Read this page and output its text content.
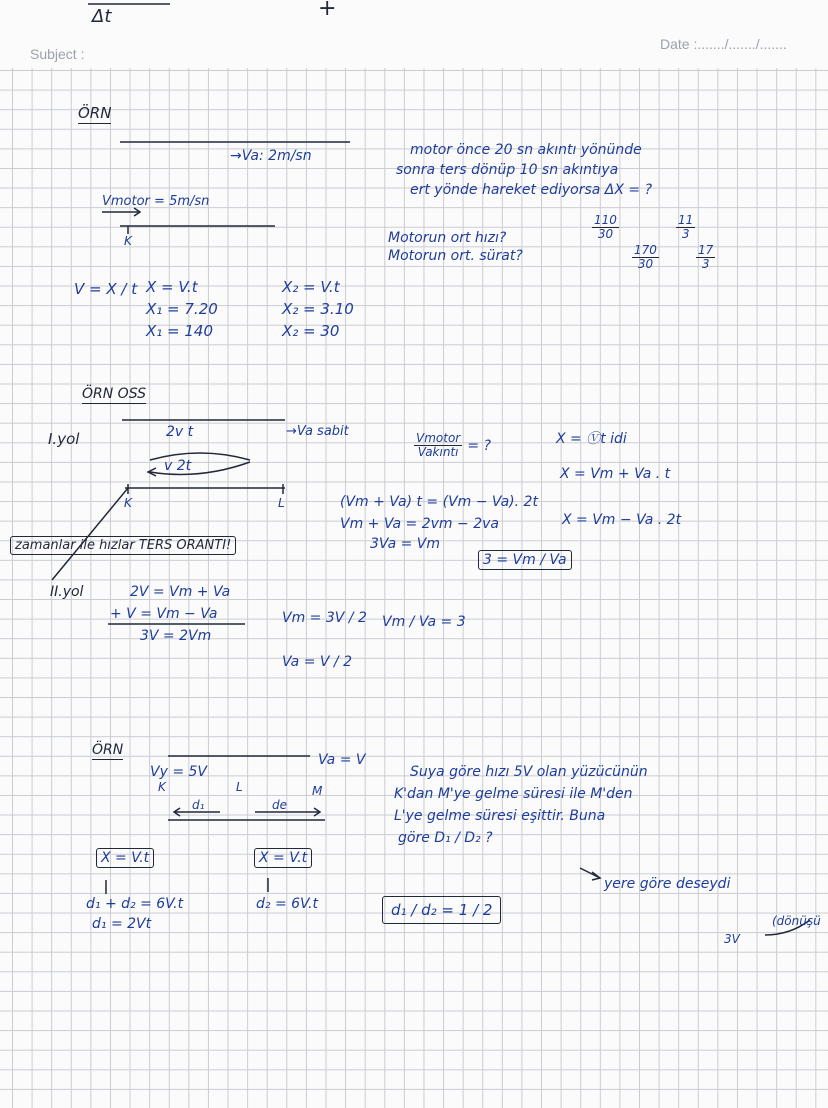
Δt	+
Subject :
Date :......./......./.......
ÖRN
→Va: 2m/sn
Vmotor = 5m/sn
K
V = X / t X = V.t
X₁ = 7.20
X₁ = 140
X₂ = V.t
X₂ = 3.10
X₂ = 30
motor önce 20 sn akıntı yönünde
sonra ters dönüp 10 sn akıntıya
ert yönde hareket ediyorsa ΔX = ?
Motorun ort hızı?
Motorun ort. sürat?
$\frac{110}{30}$	$\frac{11}{3}$
$\frac{170}{30}$	$\frac{17}{3}$
ÖRN OSS
I.yol	2v t
v 2t
→Va sabit
K	L
$\frac{\text{Vmotor}}{\text{Vakıntı}}$ = ?	X = Ⓥt idi
X = Vm + Va . t
X = Vm − Va . 2t
(Vm + Va) t = (Vm − Va). 2t
Vm + Va = 2vm − 2va
3Va = Vm
3 = Vm / Va
zamanlar ile hızlar TERS ORANTI!
II.yol	2V = Vm + Va
+ V = Vm − Va
3V = 2Vm
Vm = 3V / 2
Va = V / 2
Vm / Va = 3
ÖRN
Vy = 5V
Va = V
K	L	M
d₁	de
X = V.t	X = V.t
d₁ + d₂ = 6V.t
d₁ = 2Vt
d₂ = 6V.t
Suya göre hızı 5V olan yüzücünün
K'dan M'ye gelme süresi ile M'den
L'ye gelme süresi eşittir. Buna
göre D₁ / D₂ ?
d₁ / d₂ = 1 / 2
yere göre deseydi
(dönüşü
3V
